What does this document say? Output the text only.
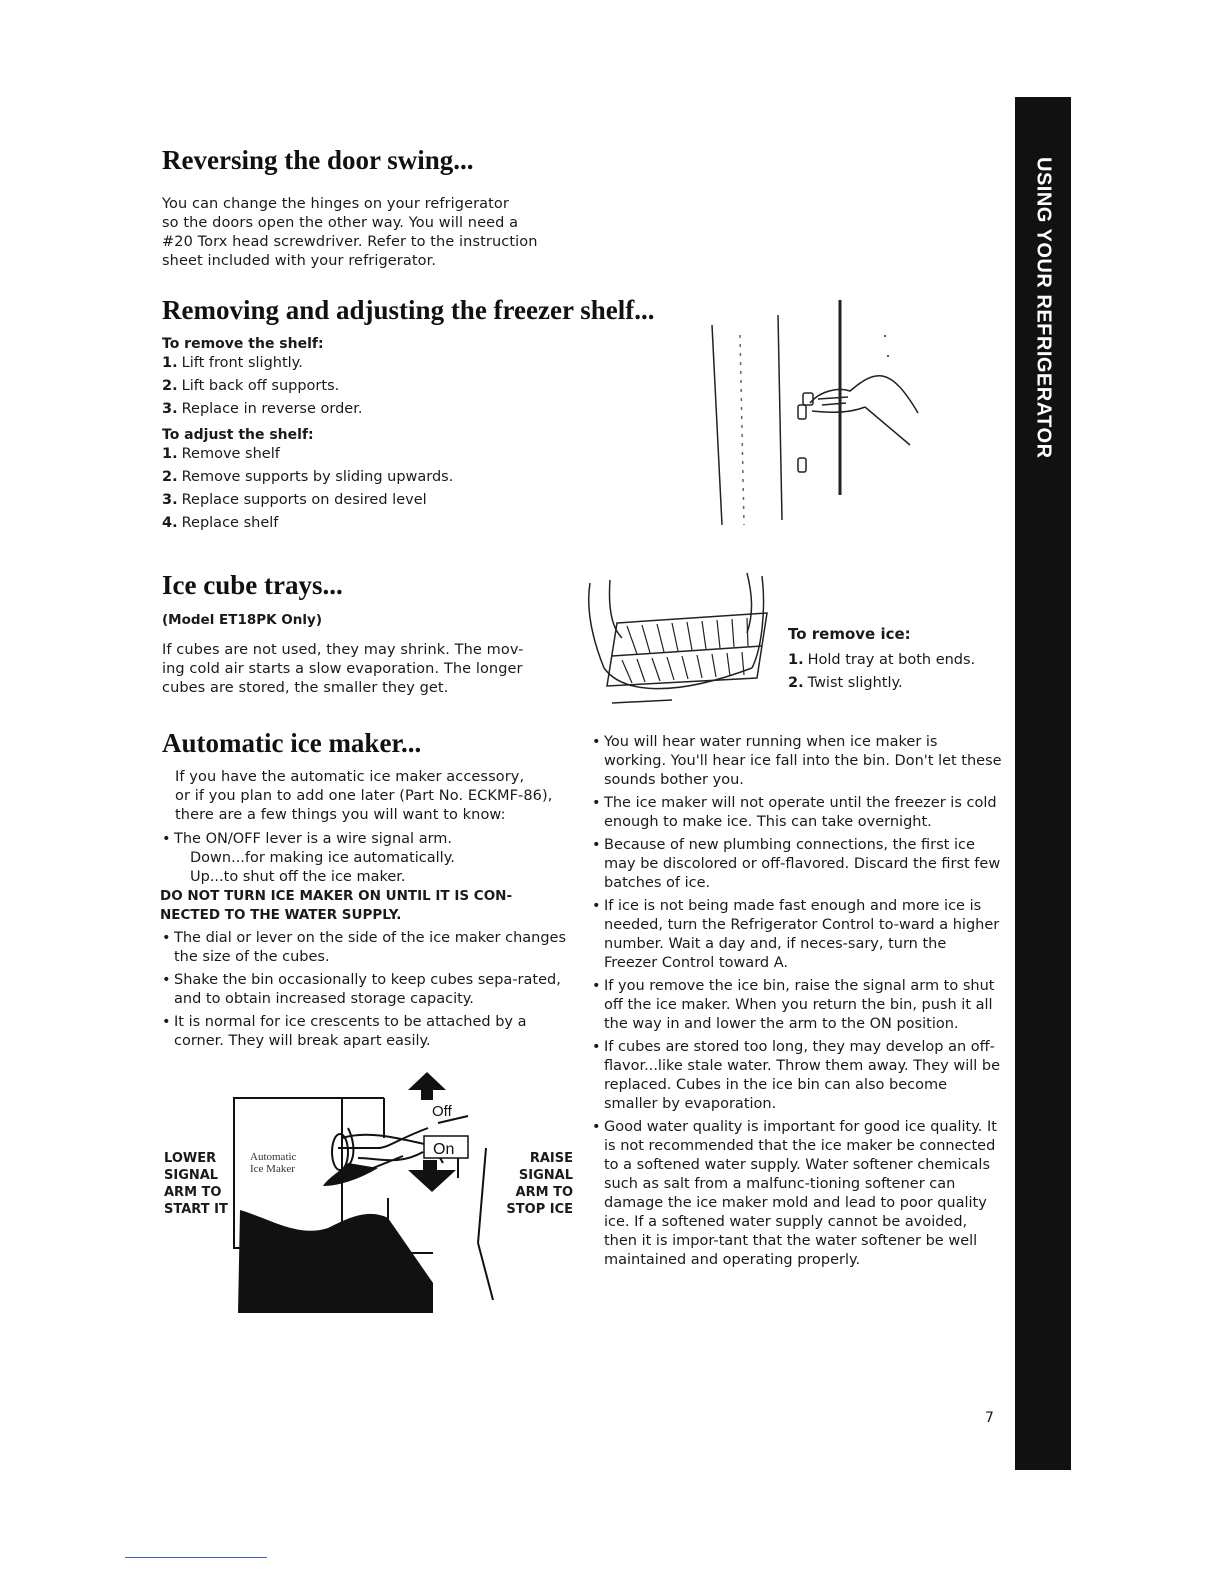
USING YOUR REFRIGERATOR
Reversing the door swing...
You can change the hinges on your refrigerator
so the doors open the other way. You will need a
#20 Torx head screwdriver. Refer to the instruction
sheet included with your refrigerator.
Removing and adjusting the freezer shelf...

To remove the shelf:

1. Lift front slightly.
2. Lift back off supports.
3. Replace in reverse order.

To adjust the shelf:

1. Remove shelf
2. Remove supports by sliding upwards.
3. Replace supports on desired level
4. Replace shelf
Ice cube trays...

(Model ET18PK Only)

If cubes are not used, they may shrink. The mov-
ing cold air starts a slow evaporation. The longer
cubes are stored, the smaller they get.

To remove ice:

1. Hold tray at both ends.
2. Twist slightly.
Automatic ice maker...
If you have the automatic ice maker accessory,
or if you plan to add one later (Part No. ECKMF-86),
there are a few things you will want to know:
• The ON/OFF lever is a wire signal arm.
Down...for making ice automatically.
Up...to shut off the ice maker.
DO NOT TURN ICE MAKER ON UNTIL IT IS CON-
NECTED TO THE WATER SUPPLY.
• The dial or lever on the side of the ice maker changes the size of the cubes.
• Shake the bin occasionally to keep cubes sepa-rated, and to obtain increased storage capacity.
• It is normal for ice crescents to be attached by a corner. They will break apart easily.
LOWER
SIGNAL
ARM TO
START IT
RAISE
SIGNAL
ARM TO
STOP ICE
Off
On
Automatic
Ice Maker
• You will hear water running when ice maker is working. You'll hear ice fall into the bin. Don't let these sounds bother you.
• The ice maker will not operate until the freezer is cold enough to make ice. This can take overnight.
• Because of new plumbing connections, the first ice may be discolored or off-flavored. Discard the first few batches of ice.
• If ice is not being made fast enough and more ice is needed, turn the Refrigerator Control to-ward a higher number. Wait a day and, if neces-sary, turn the Freezer Control toward A.
• If you remove the ice bin, raise the signal arm to shut off the ice maker. When you return the bin, push it all the way in and lower the arm to the ON position.
• If cubes are stored too long, they may develop an off-flavor...like stale water. Throw them away. They will be replaced. Cubes in the ice bin can also become smaller by evaporation.
• Good water quality is important for good ice quality. It is not recommended that the ice maker be connected to a softened water supply. Water softener chemicals such as salt from a malfunc-tioning softener can damage the ice maker mold and lead to poor quality ice. If a softened water supply cannot be avoided, then it is impor-tant that the water softener be well maintained and operating properly.
7
